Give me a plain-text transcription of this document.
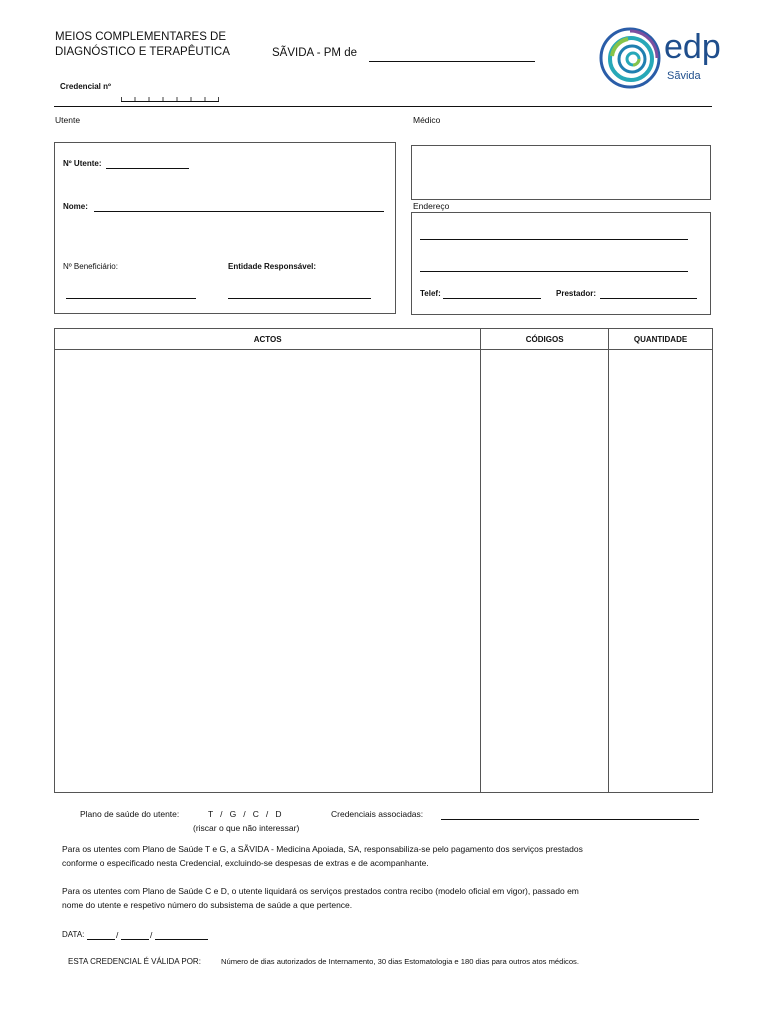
MEIOS COMPLEMENTARES DE
DIAGNÓSTICO E TERAPÊUTICA	SÃVIDA - PM de
Credencial nº
edp
Sãvida
Utente	Médico
Nº Utente:
Nome:
Nº Beneficiário:	Entidade Responsável:
Endereço
Telef:	Prestador:
ACTOS	CÓDIGOS	QUANTIDADE

Plano de saúde do utente:	T   /   G   /   C   /   D	Credenciais associadas:
(riscar o que não interessar)
Para os utentes com Plano de Saúde T e G, a SÃVIDA - Medicina Apoiada, SA, responsabiliza-se pelo pagamento dos serviços prestados
conforme o especificado nesta Credencial, excluindo-se despesas de extras e de acompanhante.
Para os utentes com Plano de Saúde C e D, o utente liquidará os serviços prestados contra recibo (modelo oficial em vigor), passado em
nome do utente e respetivo número do subsistema de saúde a que pertence.
DATA:	/	/
ESTA CREDENCIAL É VÁLIDA POR:	Número de dias autorizados de Internamento, 30 dias Estomatologia e 180 dias para outros atos médicos.
